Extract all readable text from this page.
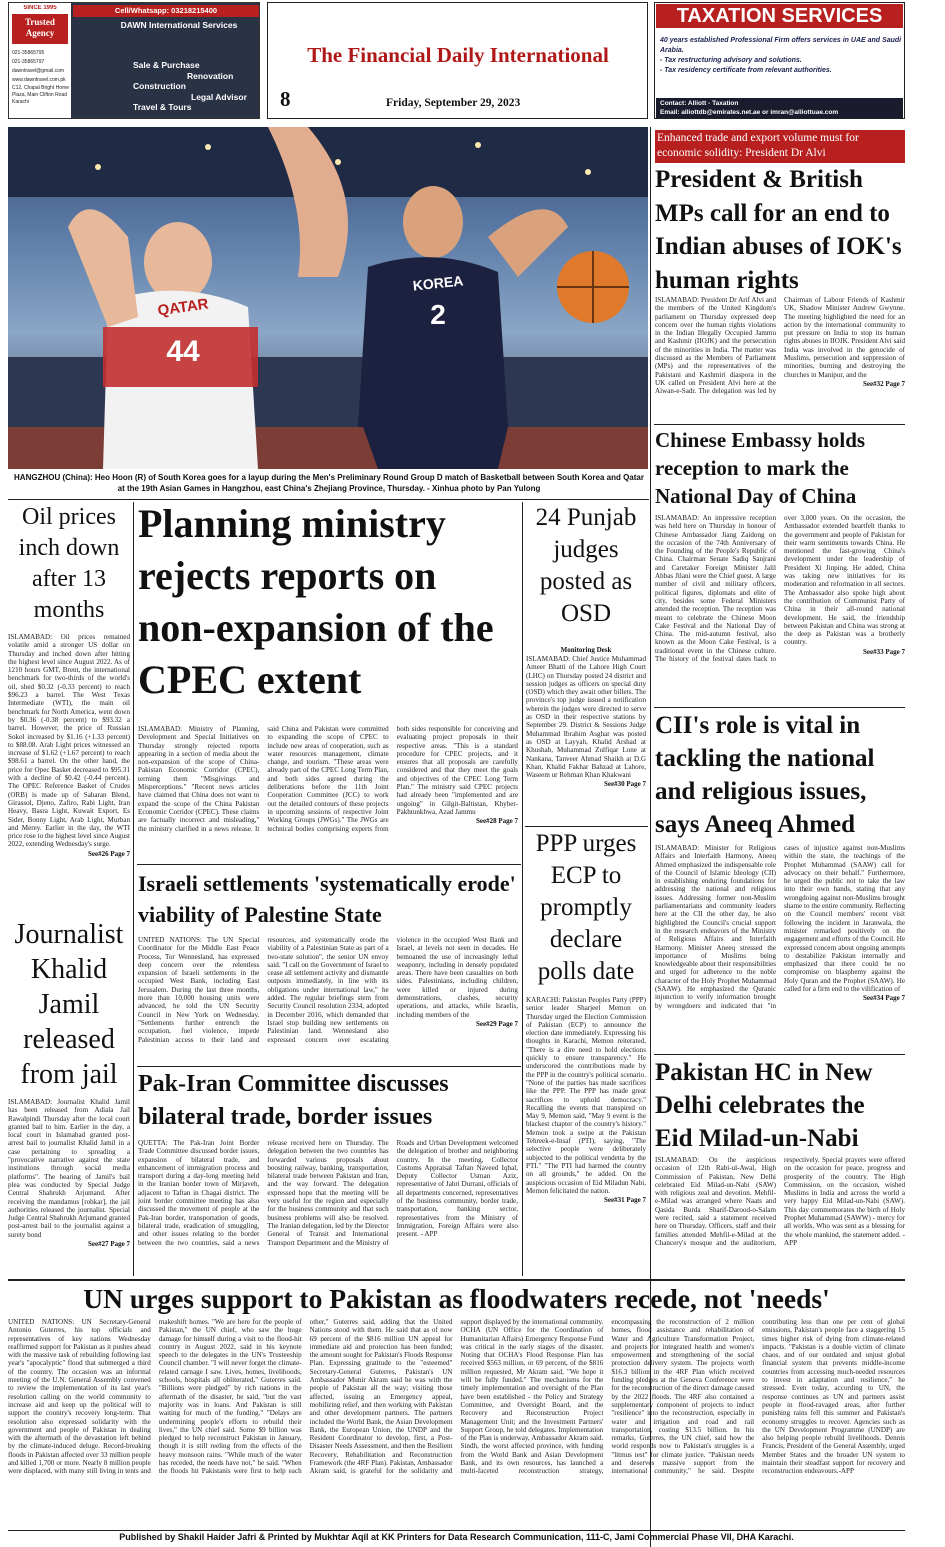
SINCE 1995
Trusted Agency
021-35865795
021-35865797
dawntravel@gmail.com
www.dawntravel.com.pk
C12, Chapal Bright Home Plaza, Main Clifton Road Karachi
Cell/Whatsapp: 03218215400
DAWN International Services
Sale & Purchase
Renovation
Construction
Legal Advisor
Travel & Tours
The Financial Daily International
8	Friday, September 29, 2023
TAXATION SERVICES
40 years established Professional Firm offers services in UAE and Saudi Arabia.
- Tax restructuring advisory and solutions.
- Tax residency certificate from relevant authorities.
Contact: Alliott - Taxation
Email: alliottdb@emirates.net.ae or imran@alliottuae.com
QATAR
44
KOREA
2
HANGZHOU (China): Heo Hoon (R) of South Korea goes for a layup during the Men's Preliminary Round Group D match of Basketball between South Korea and Qatar at the 19th Asian Games in Hangzhou, east China's Zhejiang Province, Thursday. - Xinhua photo by Pan Yulong
Enhanced trade and export volume must for economic solidity: President Dr Alvi
President & British MPs call for an end to Indian abuses of IOK's human rights

ISLAMABAD: President Dr Arif Alvi and the members of the United Kingdom's parliament on Thursday expressed deep concern over the human rights violations in the Indian Illegally Occupied Jammu and Kashmir (IIOJK) and the persecution of the minorities in India. The matter was discussed as the Members of Parliament (MPs) and the representatives of the Pakistani and Kashmiri diaspora in the UK called on President Alvi here at the Aiwan-e-Sadr. The delegation was led by Chairman of Labour Friends of Kashmir UK, Shadow Minister Andrew Gwynne. The meeting highlighted the need for an action by the international community to put pressure on India to stop its human rights abuses in IIOJK. President Alvi said India was involved in the genocide of Muslims, persecution and suppression of minorities, burning and destroying the churches in Manipur, and the

See#32 Page 7
Chinese Embassy holds reception to mark the National Day of China

ISLAMABAD: An impressive reception was held here on Thursday in honour of Chinese Ambassador Jiang Zaidong on the occasion of the 74th Anniversary of the Founding of the People's Republic of China. Chairman Senate Sadiq Sanjrani and Caretaker Foreign Minister Jalil Abbas Jilani were the Chief guest. A large number of civil and military officers, political figures, diplomats and elite of city, besides some Federal Ministers attended the reception. The reception was meant to celebrate the Chinese Moon Cake Festival and the National Day of China. The mid-autumn festival, also known as the Moon Cake Festival, is a traditional event in the Chinese culture. The history of the festival dates back to over 3,000 years. On the occasion, the Ambassador extended heartfelt thanks to the government and people of Pakistan for their warm sentiments towards China. He mentioned the fast-growing China's development under the leadership of President Xi Jinping. He added, China was taking new initiatives for its moderation and reformation in all sectors. The Ambassador also spoke high about the contribution of Communist Party of China in their all-round national development. He said, the friendship between Pakistan and China was strong at the deep as Pakistan was a brotherly country.

See#33 Page 7
CII's role is vital in tackling the national and religious issues, says Aneeq Ahmed

ISLAMABAD: Minister for Religious Affairs and Interfaith Harmony, Aneeq Ahmed emphasized the indispensable role of the Council of Islamic Ideology (CII) in establishing enduring foundations for addressing the national and religious issues. Addressing former non-Muslim parliamentarians and community leaders here at the CII the other day, he also highlighted the Council's crucial support in the research endeavors of the Ministry of Religious Affairs and Interfaith Harmony. Minister Aneeq stressed the importance of Muslims being knowledgeable about their responsibilities and urged for adherence to the noble character of the Holy Prophet Muhammad (SAAW). He emphasized the Quranic injunction to verify information brought by wrongdoers and indicated that "in cases of injustice against non-Muslims within the state, the teachings of the Prophet Muhammad (SAAW) call for advocacy on their behalf." Furthermore, he urged the public not to take the law into their own hands, stating that any wrongdoing against non-Muslims brought shame to the entire community. Reflecting on the Council members' recent visit following the incident in Jaranwala, the minister remarked positively on the engagement and efforts of the Council. He expressed concern about ongoing attempts to destabilize Pakistan internally and emphasized that there could be no compromise on blasphemy against the Holy Quran and the Prophet (SAAW). He called for a firm end to the vilification of

See#34 Page 7
Pakistan HC in New Delhi celebrates the Eid Milad-un-Nabi

ISLAMABAD: On the auspicious occasion of 12th Rabi-ul-Awal, High Commission of Pakistan, New Delhi celebrated Eid Milad-un-Nabi (SAW) with religious zeal and devotion. Mehfil-e-Milad was arranged where Naats and Qasida Burda Sharif-Darood-o-Salam were recited, said a statement received here on Thursday. Officers, staff and their families attended Mehfil-e-Milad at the Chancery's mosque and the auditorium, respectively. Special prayers were offered on the occasion for peace, progress and prosperity of the country. The High Commission, on the occasion, wished Muslims in India and across the world a very happy Eid Milad-un-Nabi (SAW). This day commemorates the birth of Holy Prophet Muhammad (SAWW) - mercy for all worlds, Who was sent as a blessing for the whole mankind, the statement added. - APP

Oil prices inch down after 13 months

ISLAMABAD: Oil prices remained volatile amid a stronger US dollar on Thursday and inched down after hitting the highest level since August 2022. As of 1210 hours GMT, Brent, the international benchmark for two-thirds of the world's oil, shed $0.32 (-0.33 percent) to reach $96.23 a barrel. The West Texas Intermediate (WTI), the main oil benchmark for North America, went down by $0.36 (-0.38 percent) to $93.32 a barrel. However, the price of Russian Sokol increased by $1.16 (+1.33 percent) to $88.08. Arab Light prices witnessed an increase of $1.62 (+1.67 percent) to reach $98.61 a barrel. On the other hand, the price for Opec Basket decreased to $95.31 with a decline of $0.42 (-0.44 percent). The OPEC Reference Basket of Crudes (ORB) is made up of Saharan Blend, Girassol, Djeno, Zafiro, Rabi Light, Iran Heavy, Basra Light, Kuwait Export, Es Sider, Bonny Light, Arab Light, Murban and Merey. Earlier in the day, the WTI price rose to the highest level since August 2022, extending Wednesday's surge.

See#26 Page 7
Journalist Khalid Jamil released from jail

ISLAMABAD: Journalist Khalid Jamil has been released from Adiala Jail Rawalpindi Thursday after the local court granted bail to him. Earlier in the day, a local court in Islamabad granted post-arrest bail to journalist Khalid Jamil in a case pertaining to spreading a "provocative narrative against the state institutions through social media platforms". The hearing of Jamil's bail plea was conducted by Special Judge Central Shahrukh Arjumand. After receiving the mandamus [robkar], the jail authorities released the journalist. Special Judge Central Shahrukh Arjumand granted post-arrest bail to the journalist against a surety bond

See#27 Page 7
Planning ministry rejects reports on non-expansion of the CPEC extent

ISLAMABAD: Ministry of Planning, Development and Special Initiatives on Thursday strongly rejected reports appearing in a section of media about the non-expansion of the scope of China-Pakistan Economic Corridor (CPEC), terming them "Misgivings and Misperceptions." "Recent news articles have claimed that China does not want to expand the scope of the China Pakistan Economic Corridor (CPEC). These claims are factually incorrect and misleading," the ministry clarified in a news release. It said China and Pakistan were committed to expanding the scope of CPEC to include new areas of cooperation, such as water resources management, climate change, and tourism. "These areas were already part of the CPEC Long Term Plan, and both sides agreed during the deliberations before the 11th Joint Cooperation Committee (JCC) to work out the detailed contours of these projects in upcoming sessions of respective Joint Working Groups (JWGs)." The JWGs are technical bodies comprising experts from both sides responsible for conceiving and evaluating project proposals in their respective areas. "This is a standard procedure for CPEC projects, and it ensures that all proposals are carefully considered and that they meet the goals and objectives of the CPEC Long Term Plan." The ministry said CPEC projects had already been "implemented and are ongoing" in Gilgit-Baltistan, Khyber-Pakhtunkhwa, Azad Jammu

See#28 Page 7
24 Punjab judges posted as OSD
Monitoring Desk

ISLAMABAD: Chief Justice Muhammad Ameer Bhatti of the Lahore High Court (LHC) on Thursday posted 24 district and session judges as officers on special duty (OSD) which they await other billets. The province's top judge issued a notification wherein the judges were directed to serve as OSD in their respective stations by September 29. District & Sessions Judge Muhammad Ibrahim Asghar was posted as OSD at Layyah, Khalid Arshad at Khushab, Muhammad Zulfiqar Lone at Nankana, Tanveer Ahmad Shaikh at D.G Khan, Khalid Fakhar Bahzad at Lahore, Waseem ur Rehman Khan Khakwani

See#30 Page 7
PPP urges ECP to promptly declare polls date

KARACHI: Pakistan Peoples Party (PPP) senior leader Sharjeel Memon on Thursday urged the Election Commission of Pakistan (ECP) to announce the election date immediately. Expressing his thoughts in Karachi, Memon reiterated, "There is a dire need to hold elections quickly to ensure transparency." He underscored the contributions made by the PPP in the country's political scenario. "None of the parties has made sacrifices like the PPP. The PPP has made great sacrifices to uphold democracy." Recalling the events that transpired on May 9, Memon said, "May 9 event is the blackest chapter of the country's history." Memon took a swipe at the Pakistan Tehreek-e-Insaf (PTI), saying, "The selective people were deliberately subjected to the political vendetta by the PTI." "The PTI had harmed the country on all grounds," he added. On the auspicious occasion of Eid Miladun Nabi, Memon felicitated the nation.

See#31 Page 7
Israeli settlements 'systematically erode' viability of Palestine State

UNITED NATIONS: The UN Special Coordinator for the Middle East Peace Process, Tor Wennesland, has expressed deep concern over the relentless expansion of Israeli settlements in the occupied West Bank, including East Jerusalem. During the last three months, more than 10,000 housing units were advanced, he told the UN Security Council in New York on Wednesday. "Settlements further entrench the occupation, fuel violence, impede Palestinian access to their land and resources, and systematically erode the viability of a Palestinian State as part of a two-state solution", the senior UN envoy said. "I call on the Government of Israel to cease all settlement activity and dismantle outposts immediately, in line with its obligations under international law," he added. The regular briefings stem from Security Council resolution 2334, adopted in December 2016, which demanded that Israel stop building new settlements on Palestinian land. Wennesland also expressed concern over escalating violence in the occupied West Bank and Israel, at levels not seen in decades. He bemoaned the use of increasingly lethal weaponry, including in densely populated areas. There have been casualties on both sides. Palestinians, including children, were killed or injured during demonstrations, clashes, security operations, and attacks, while Israelis, including members of the

See#29 Page 7
Pak-Iran Committee discusses bilateral trade, border issues

QUETTA: The Pak-Iran Joint Border Trade Committee discussed border issues, expansion of bilateral trade, and enhancement of immigration process and transport during a day-long meeting held in the Iranian border town of Mirjaveh, adjacent to Taftan in Chagai district. The joint border committee meeting has also discussed the movement of people at the Pak-Iran border, transportation of goods, bilateral trade, eradication of smuggling, and other issues relating to the border between the two countries, said a news release received here on Thursday. The delegation between the two countries has forwarded various proposals about boosting railway, banking, transportation, bilateral trade between Pakistan and Iran, and the way forward. The delegation expressed hope that the meeting will be very useful for the region and especially for the business community and that such business problems will also be resolved. The Iranian delegation, led by the Director General of Transit and International Transport Department and the Ministry of Roads and Urban Development welcomed the delegation of brother and neighboring country. In the meeting, Collector Customs Appraisal Taftan Naveed Iqbal, Deputy Collector Usman Aziz, representative of Jahri Durrani, officials of all departments concerned, representatives of the business community, border trade, transportation, banking sector, representatives from the Ministry of Immigration, Foreign Affairs were also present. - APP

UN urges support to Pakistan as floodwaters recede, not 'needs'

UNITED NATIONS: UN Secretary-General Antonio Guterres, his top officials and representatives of key nations Wednesday reaffirmed support for Pakistan as it pushes ahead with the massive task of rebuilding following last year's "apocalyptic" flood that submerged a third of the country. The occasion was an informal meeting of the U.N. General Assembly convened to review the implementation of its last year's resolution calling on the world community to increase aid and keep up the political will to support the country's recovery long-term. That resolution also expressed solidarity with the government and people of Pakistan in dealing with the aftermath of the devastation left behind by the climate-induced deluge. Record-breaking floods in Pakistan affected over 33 million people and killed 1,700 or more. Nearly 8 million people were displaced, with many still living in tents and makeshift homes. "We are here for the people of Pakistan," the UN chief, who saw the huge damage for himself during a visit to the flood-hit country in August 2022, said in his keynote speech to the delegates in the UN's Trusteeship Council chamber. "I will never forget the climate-related carnage I saw. Lives, homes, livelihoods, schools, hospitals all obliterated," Guterres said. "Billions were pledged" by rich nations in the aftermath of the disaster, he said, "but the vast majority was in loans. And Pakistan is still waiting for much of the funding." "Delays are undermining people's efforts to rebuild their lives," the UN chief said. Some $9 billion was pledged to help reconstruct Pakistan in January, though it is still reeling from the effects of the heavy monsoon rains. "While much of the water has receded, the needs have not," he said. "When the floods hit Pakistanis were first to help each other," Guterres said, adding that the United Nations stood with them. He said that as of now 69 percent of the $816 million UN appeal for immediate aid and protection has been funded; the amount sought for Pakistan's Floods Response Plan. Expressing gratitude to the "esteemed" Secretary-General Guterres, Pakistan's UN Ambassador Munir Akram said he was with the people of Pakistan all the way; visiting those affected, issuing an Emergency appeal, mobilizing relief, and then working with Pakistan and other development partners. The partners included the World Bank, the Asian Development Bank, the European Union, the UNDP and the Resident Coordinator to develop, first, a Post-Disaster Needs Assessment, and then the Resilient Recovery, Rehabilitation and Reconstruction Framework (the 4RF Plan). Pakistan, Ambassador Akram said, is grateful for the solidarity and support displayed by the international community. OCHA (UN Office for the Coordination of Humanitarian Affairs) Emergency Response Fund was critical in the early stages of the disaster. Noting that OCHA's Flood Response Plan has received $563 million, or 69 percent, of the $816 million requested, Mr Akram said, "We hope it will be fully funded." The mechanisms for the timely implementation and oversight of the Plan have been established - the Policy and Strategy Committee, and Oversight Board, and the Recovery and Reconstruction Project Management Unit; and the Investment Partners' Support Group, he told delegates. Implementation of the Plan is underway, Ambassador Akram said. Sindh, the worst affected province, with funding from the World Bank and Asian Development Bank, and its own resources, has launched a multi-faceted reconstruction strategy, encompassing the reconstruction of 2 million homes, flood assistance and rehabilitation of Water and Agriculture Transformation Project, and projects for integrated health and women's empowerment and strengthening of the social protection delivery system. The projects worth $16.3 billion in the 4RF Plan which received funding pledges at the Geneva Conference were for the reconstruction of the direct damage caused by the 2022 floods. The 4RF also contained a supplementary component of projects to induct "resilience" into the reconstruction, especially in water and irrigation and road and rail transportation, costing $13.5 billion. In his remarks, Guterres, the UN chief, said how the world responds now to Pakistan's struggles is a "litmus test" for climate justice. "Pakistan needs and deserves massive support from the international community," he said. Despite contributing less than one per cent of global emissions, Pakistan's people face a staggering 15 times higher risk of dying from climate-related impacts. "Pakistan is a double victim of climate chaos, and of our outdated and unjust global financial system that prevents middle-income countries from accessing much-needed resources to invest in adaptation and resilience," he stressed. Even today, according to UN, the response continues as UN and partners assist people in flood-ravaged areas, after further punishing rains fell this summer and Pakistan's economy struggles to recover. Agencies such as the UN Development Programme (UNDP) are also helping people rebuild livelihoods. Dennis Francis, President of the General Assembly, urged Member States and the broader UN system to maintain their steadfast support for recovery and reconstruction endeavours.-APP

Published by Shakil Haider Jafri & Printed by Mukhtar Aqil at KK Printers for Data Research Communication, 111-C, Jami Commercial Phase VII, DHA Karachi.
